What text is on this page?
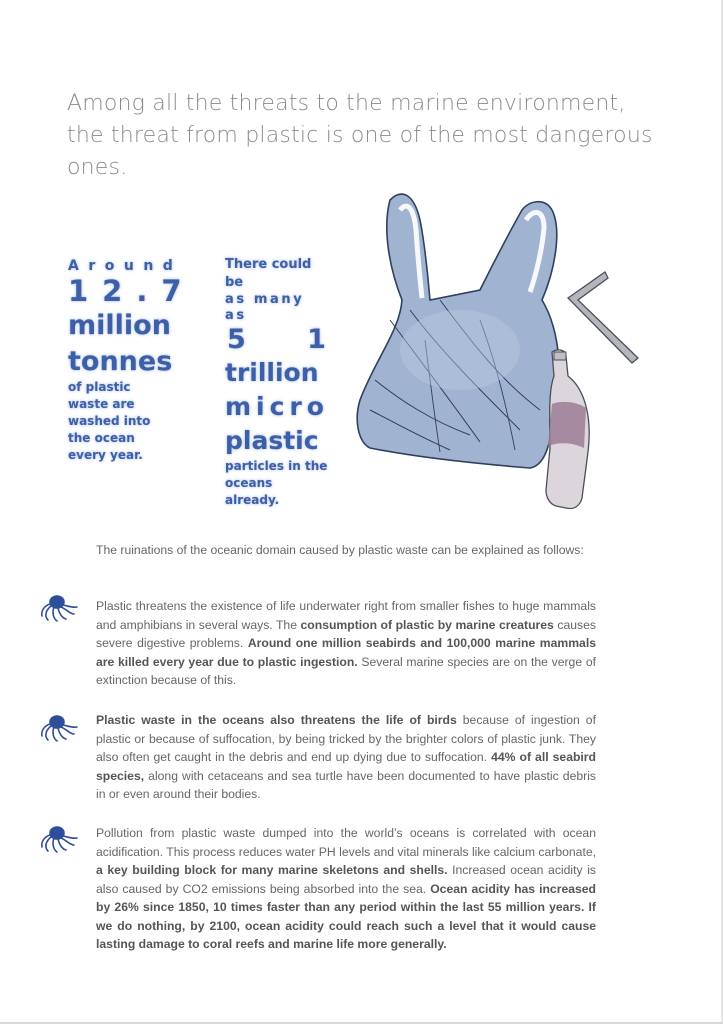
Among all the threats to the marine environment, the threat from plastic is one of the most dangerous ones.
Around
12.7
million
tonnes
of plastic waste are washed into the ocean every year.
There could be
as many as
5 1
trillion
micro
plastic
particles in the oceans already.

The ruinations of the oceanic domain caused by plastic waste can be explained as follows:

Plastic threatens the existence of life underwater right from smaller fishes to huge mammals and amphibians in several ways. The consumption of plastic by marine creatures causes severe digestive problems. Around one million seabirds and 100,000 marine mammals are killed every year due to plastic ingestion. Several marine species are on the verge of extinction because of this.

Plastic waste in the oceans also threatens the life of birds because of ingestion of plastic or because of suffocation, by being tricked by the brighter colors of plastic junk. They also often get caught in the debris and end up dying due to suffocation. 44% of all seabird species, along with cetaceans and sea turtle have been documented to have plastic debris in or even around their bodies.

Pollution from plastic waste dumped into the world’s oceans is correlated with ocean acidification. This process reduces water PH levels and vital minerals like calcium carbonate, a key building block for many marine skeletons and shells. Increased ocean acidity is also caused by CO2 emissions being absorbed into the sea. Ocean acidity has increased by 26% since 1850, 10 times faster than any period within the last 55 million years. If we do nothing, by 2100, ocean acidity could reach such a level that it would cause lasting damage to coral reefs and marine life more generally.
